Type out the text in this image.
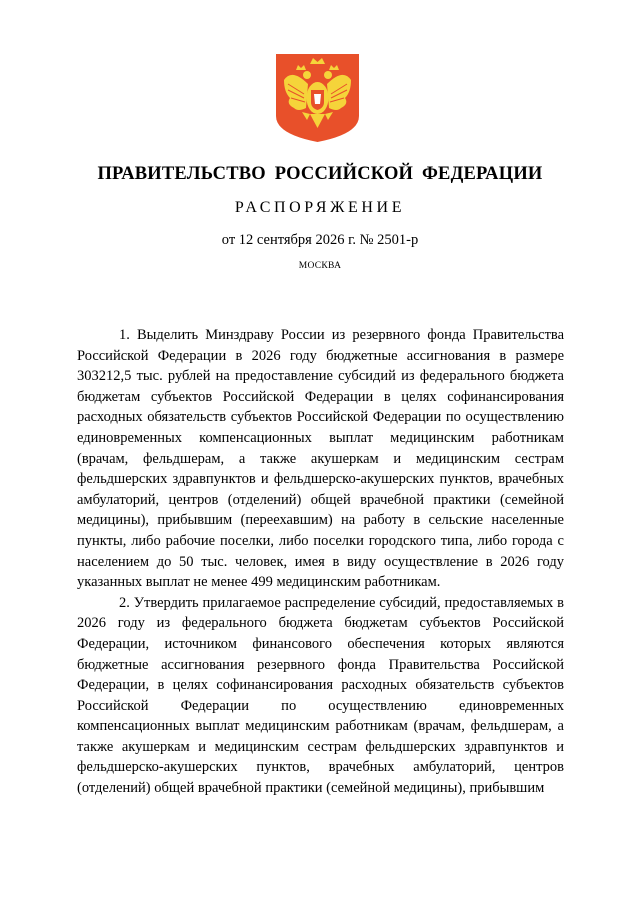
ПРАВИТЕЛЬСТВО РОССИЙСКОЙ ФЕДЕРАЦИИ
РАСПОРЯЖЕНИЕ
от 12 сентября 2026 г. № 2501-р
МОСКВА

1. Выделить Минздраву России из резервного фонда Правительства Российской Федерации в 2026 году бюджетные ассигнования в размере 303212,5 тыс. рублей на предоставление субсидий из федерального бюджета бюджетам субъектов Российской Федерации в целях софинансирования расходных обязательств субъектов Российской Федерации по осуществлению единовременных компенсационных выплат медицинским работникам (врачам, фельдшерам, а также акушеркам и медицинским сестрам фельдшерских здравпунктов и фельдшерско-акушерских пунктов, врачебных амбулаторий, центров (отделений) общей врачебной практики (семейной медицины), прибывшим (переехавшим) на работу в сельские населенные пункты, либо рабочие поселки, либо поселки городского типа, либо города с населением до 50 тыс. человек, имея в виду осуществление в 2026 году указанных выплат не менее 499 медицинским работникам.

2. Утвердить прилагаемое распределение субсидий, предоставляемых в 2026 году из федерального бюджета бюджетам субъектов Российской Федерации, источником финансового обеспечения которых являются бюджетные ассигнования резервного фонда Правительства Российской Федерации, в целях софинансирования расходных обязательств субъектов Российской Федерации по осуществлению единовременных компенсационных выплат медицинским работникам (врачам, фельдшерам, а также акушеркам и медицинским сестрам фельдшерских здравпунктов и фельдшерско-акушерских пунктов, врачебных амбулаторий, центров (отделений) общей врачебной практики (семейной медицины), прибывшим
